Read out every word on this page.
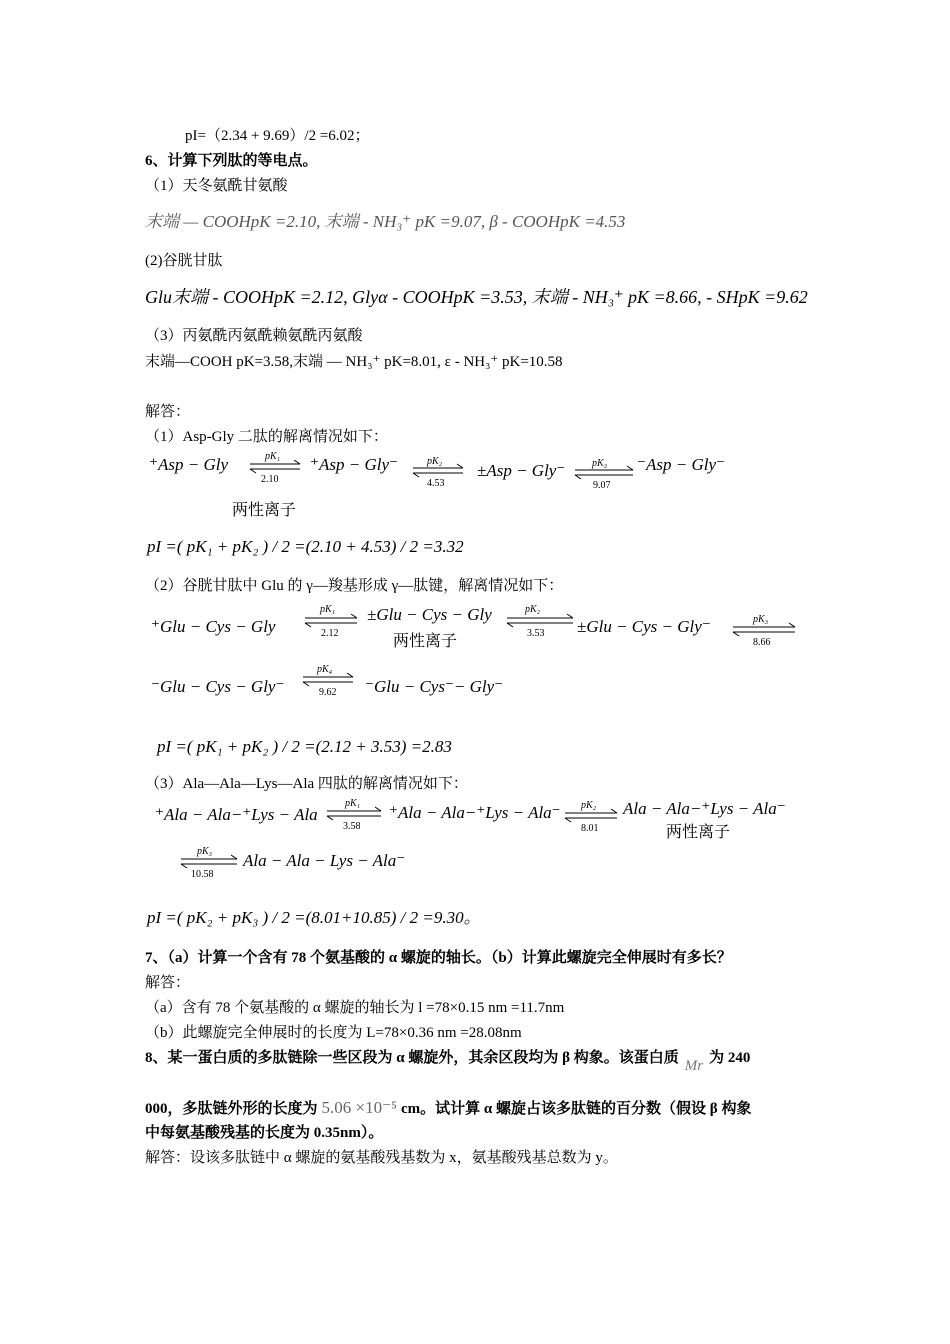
pI=（2.34 + 9.69）/2 =6.02；
6、计算下列肽的等电点。
（1）天冬氨酰甘氨酸
末端 — COOHpK =2.10, 末端 - NH₃⁺ pK =9.07, β - COOHpK =4.53
(2)谷胱甘肽
Glu末端 - COOHpK =2.12, Glyα - COOHpK =3.53, 末端 - NH₃⁺ pK =8.66, - SHpK =9.62
（3）丙氨酰丙氨酰赖氨酰丙氨酸
末端—COOH pK=3.58,末端 — NH₃⁺ pK=8.01, ε - NH₃⁺ pK=10.58
解答：
（1）Asp-Gly 二肽的解离情况如下：
⁺Asp − Gly	pK₁
2.10
⁺Asp − Gly⁻	pK₂
4.53
±Asp − Gly⁻	pK₃
9.07
⁻Asp − Gly⁻
两性离子
pI =( pK₁ + pK₂ ) / 2 =(2.10 + 4.53) / 2 =3.32
（2）谷胱甘肽中 Glu 的 γ—羧基形成 γ—肽键，解离情况如下：
⁺Glu − Cys − Gly
pK₁
2.12
±Glu − Cys − Gly	pK₂
3.53 ±Glu − Cys − Gly⁻	pK₃
8.66
两性离子
⁻Glu − Cys − Gly⁻
pK₄
9.62 ⁻Glu − Cys⁻− Gly⁻
pI =( pK₁ + pK₂ ) / 2 =(2.12 + 3.53) =2.83
（3）Ala—Ala—Lys—Ala 四肽的解离情况如下：
⁺Ala − Ala−⁺Lys − Ala
pK₁
3.58
⁺Ala − Ala−⁺Lys − Ala⁻ pK₂
8.01
Ala − Ala−⁺Lys − Ala⁻
两性离子
pK₃
10.58
Ala − Ala − Lys − Ala⁻
pI =( pK₂ + pK₃ ) / 2 =(8.01+10.85) / 2 =9.30。
7、（a）计算一个含有 78 个氨基酸的 α 螺旋的轴长。（b）计算此螺旋完全伸展时有多长？
解答：
（a）含有 78 个氨基酸的 α 螺旋的轴长为 l =78×0.15 nm =11.7nm
（b）此螺旋完全伸展时的长度为 L=78×0.36 nm =28.08nm
8、某一蛋白质的多肽链除一些区段为 α 螺旋外，其余区段均为 β 构象。该蛋白质 Mr 为 240
000，多肽链外形的长度为 5.06 ×10⁻⁵ cm。试计算 α 螺旋占该多肽链的百分数（假设 β 构象
中每氨基酸残基的长度为 0.35nm）。
解答：设该多肽链中 α 螺旋的氨基酸残基数为 x，氨基酸残基总数为 y。
